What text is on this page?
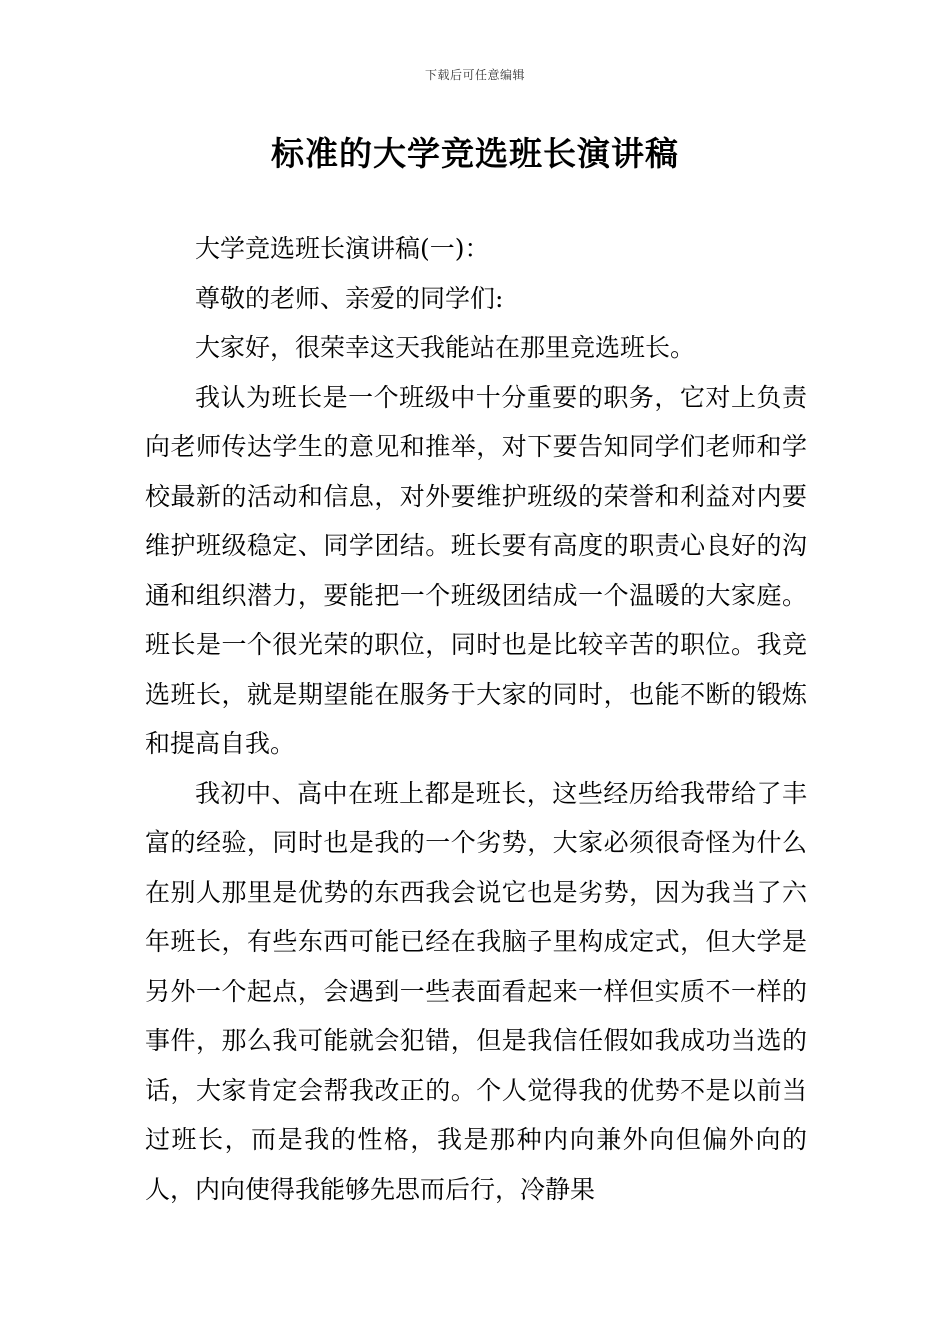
下载后可任意编辑
标准的大学竞选班长演讲稿

大学竞选班长演讲稿(一)：

尊敬的老师、亲爱的同学们:

大家好，很荣幸这天我能站在那里竞选班长。

我认为班长是一个班级中十分重要的职务，它对上负责向老师传达学生的意见和推举，对下要告知同学们老师和学校最新的活动和信息，对外要维护班级的荣誉和利益对内要维护班级稳定、同学团结。班长要有高度的职责心良好的沟通和组织潜力，要能把一个班级团结成一个温暖的大家庭。班长是一个很光荣的职位，同时也是比较辛苦的职位。我竞选班长，就是期望能在服务于大家的同时，也能不断的锻炼和提高自我。

我初中、高中在班上都是班长，这些经历给我带给了丰富的经验，同时也是我的一个劣势，大家必须很奇怪为什么在别人那里是优势的东西我会说它也是劣势，因为我当了六年班长，有些东西可能已经在我脑子里构成定式，但大学是另外一个起点，会遇到一些表面看起来一样但实质不一样的事件，那么我可能就会犯错，但是我信任假如我成功当选的话，大家肯定会帮我改正的。个人觉得我的优势不是以前当过班长，而是我的性格，我是那种内向兼外向但偏外向的人，内向使得我能够先思而后行，冷静果
